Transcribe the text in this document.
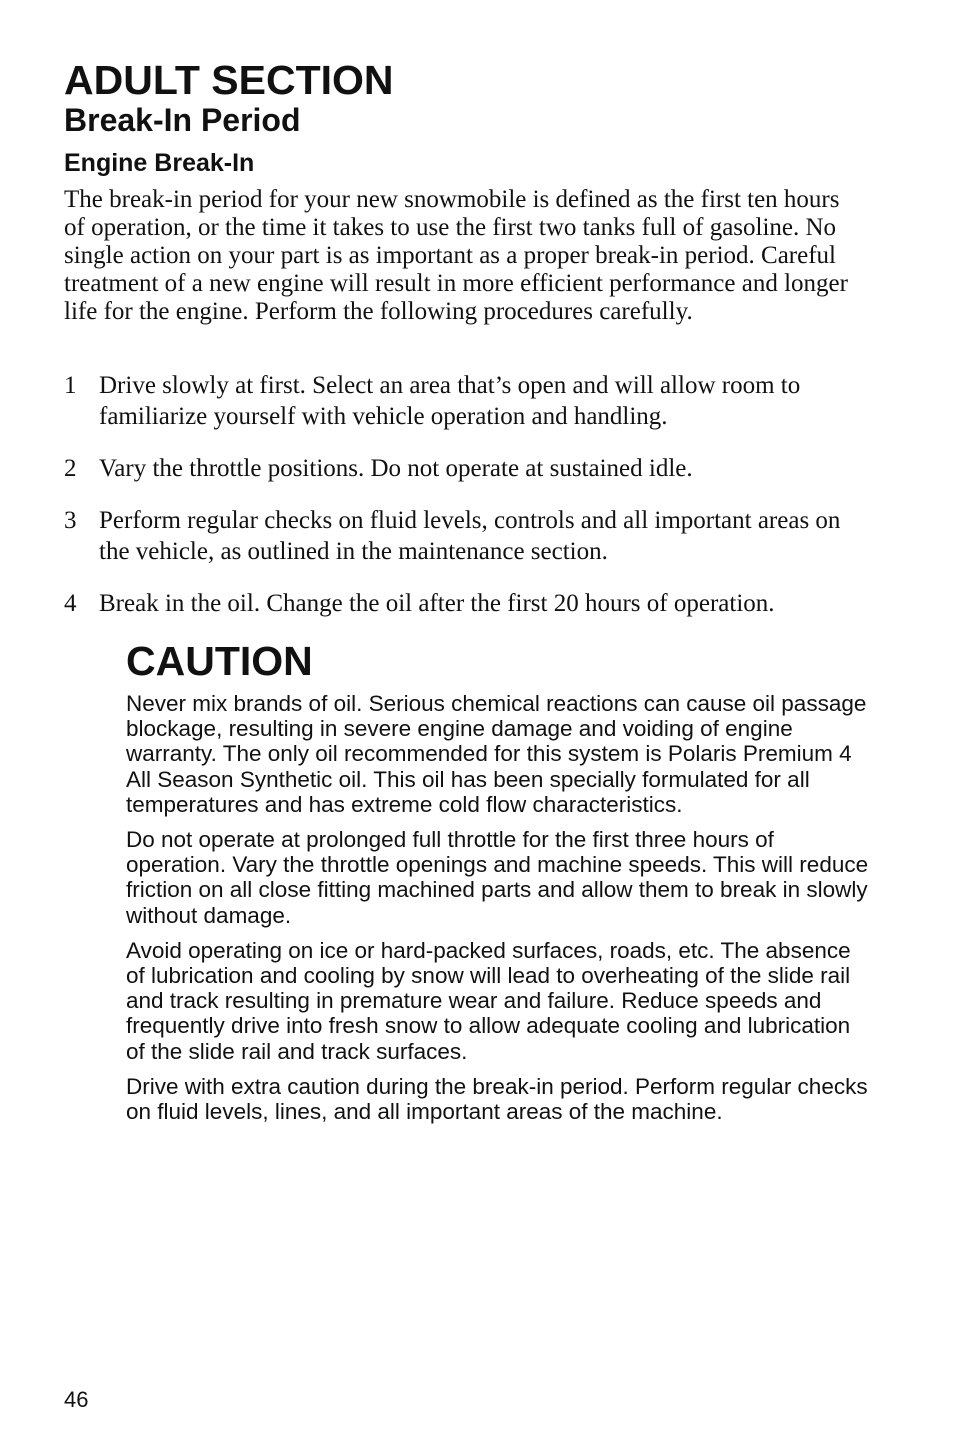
ADULT SECTION
Break-In Period
Engine Break-In

The break-in period for your new snowmobile is defined as the first ten hours of operation, or the time it takes to use the first two tanks full of gasoline. No single action on your part is as important as a proper break-in period. Careful treatment of a new engine will result in more efficient performance and longer life for the engine. Perform the following procedures carefully.

1 Drive slowly at first. Select an area that’s open and will allow room to familiarize yourself with vehicle operation and handling.
2 Vary the throttle positions. Do not operate at sustained idle.
3 Perform regular checks on fluid levels, controls and all important areas on the vehicle, as outlined in the maintenance section.
4 Break in the oil. Change the oil after the first 20 hours of operation.
CAUTION

Never mix brands of oil. Serious chemical reactions can cause oil passage blockage, resulting in severe engine damage and voiding of engine warranty. The only oil recommended for this system is Polaris Premium 4 All Season Synthetic oil. This oil has been specially formulated for all temperatures and has extreme cold flow characteristics.

Do not operate at prolonged full throttle for the first three hours of operation. Vary the throttle openings and machine speeds. This will reduce friction on all close fitting machined parts and allow them to break in slowly without damage.

Avoid operating on ice or hard-packed surfaces, roads, etc. The absence of lubrication and cooling by snow will lead to overheating of the slide rail and track resulting in premature wear and failure. Reduce speeds and frequently drive into fresh snow to allow adequate cooling and lubrication of the slide rail and track surfaces.

Drive with extra caution during the break-in period. Perform regular checks on fluid levels, lines, and all important areas of the machine.

46
